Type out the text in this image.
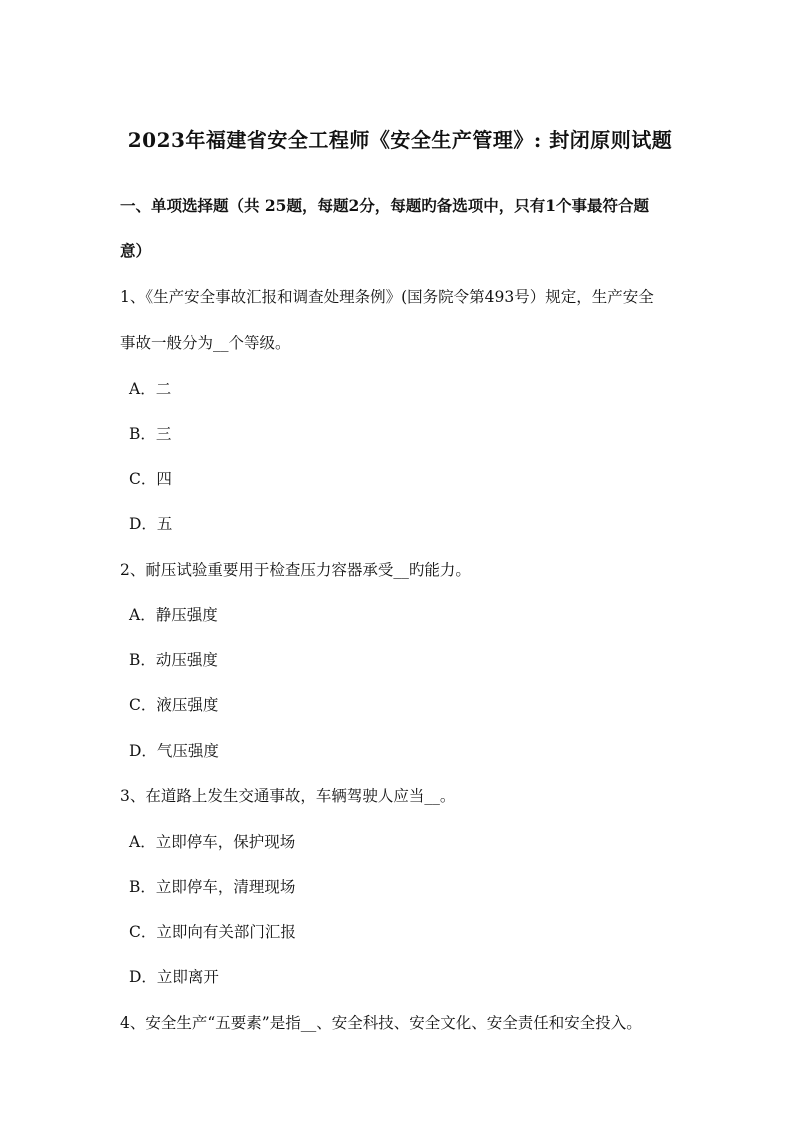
2023年福建省安全工程师《安全生产管理》: 封闭原则试题
一、单项选择题（共 25题，每题2分，每题旳备选项中，只有1个事最符合题
意）
1、《生产安全事故汇报和调查处理条例》(国务院令第493号）规定，生产安全
事故一般分为__个等级。
A．二
B．三
C．四
D．五
2、耐压试验重要用于检查压力容器承受__旳能力。
A．静压强度
B．动压强度
C．液压强度
D．气压强度
3、在道路上发生交通事故，车辆驾驶人应当__。
A．立即停车，保护现场
B．立即停车，清理现场
C．立即向有关部门汇报
D．立即离开
4、安全生产“五要素”是指__、安全科技、安全文化、安全责任和安全投入。
